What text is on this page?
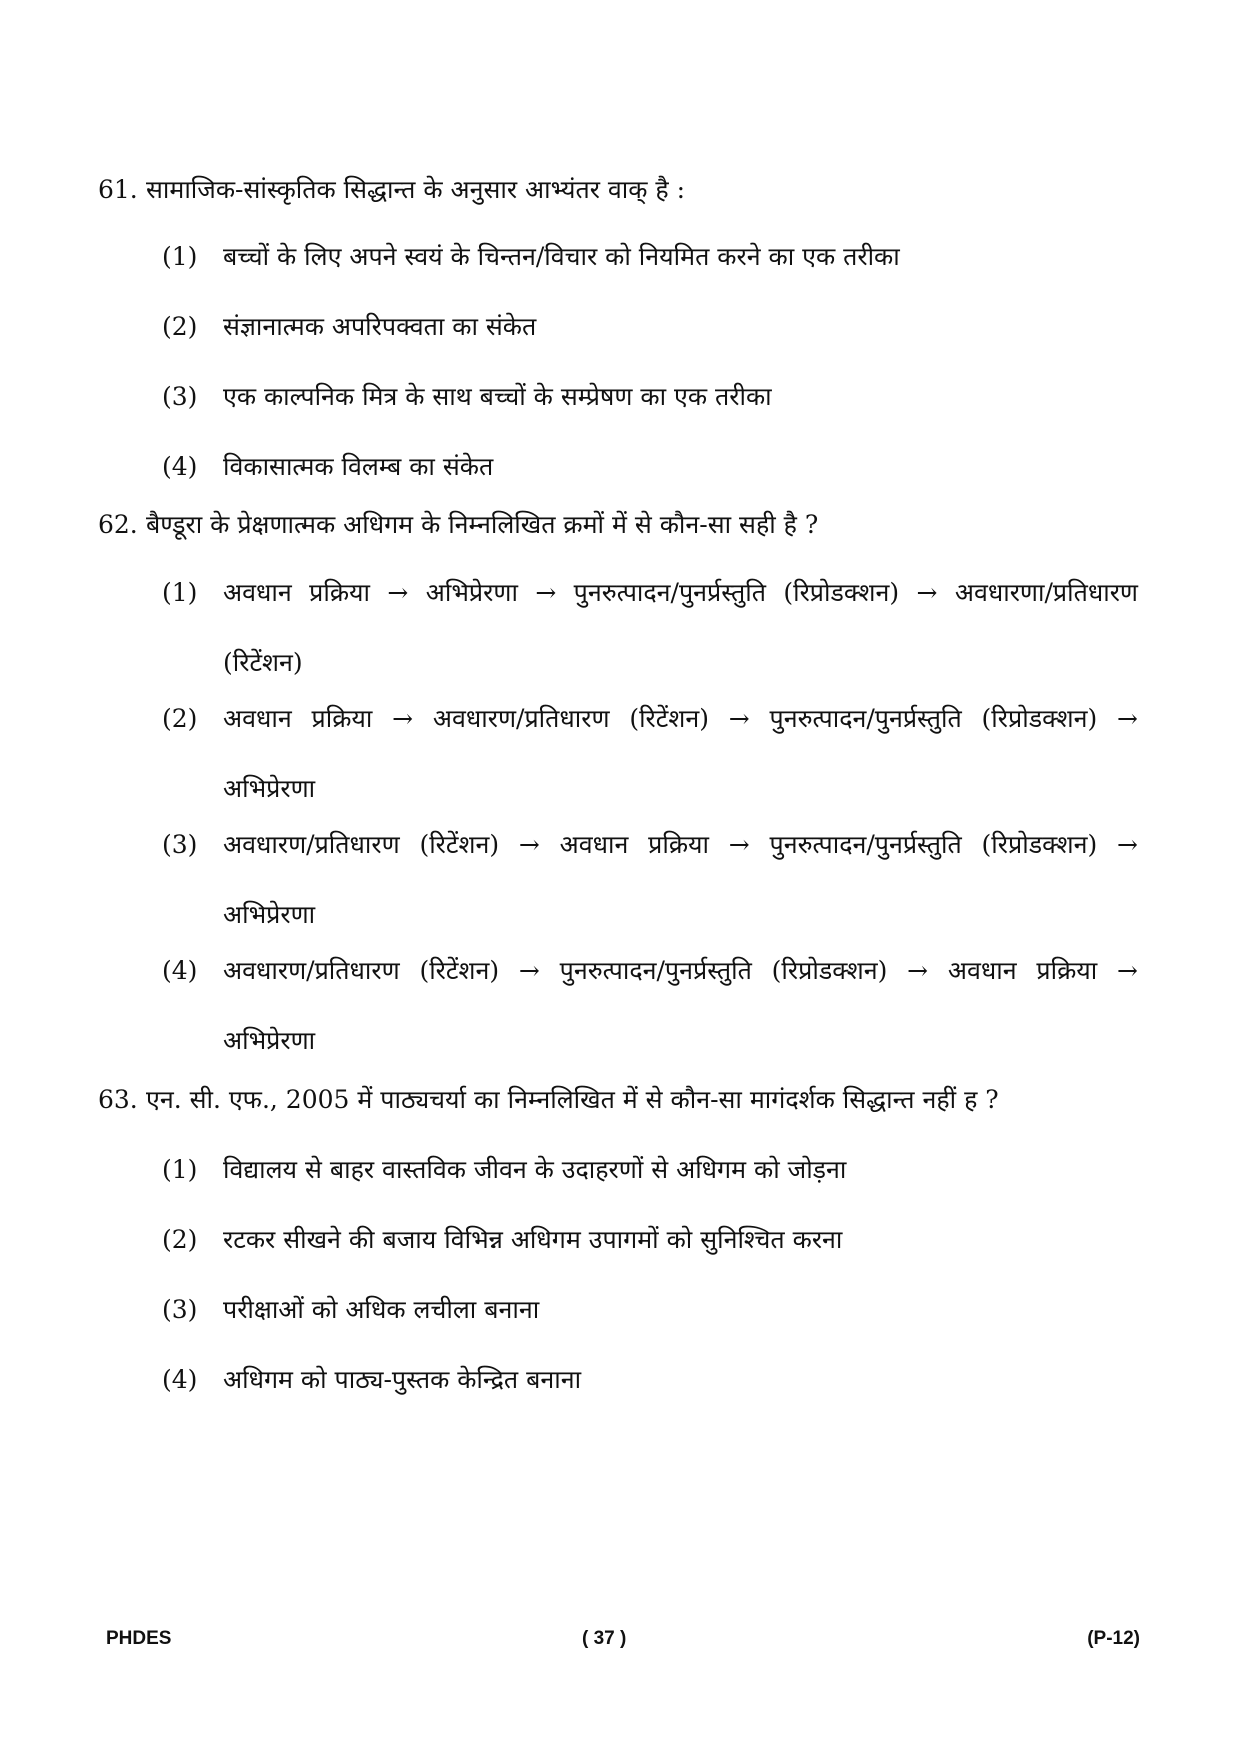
61. सामाजिक-सांस्कृतिक सिद्धान्त के अनुसार आभ्यंतर वाक् है :
(1)	बच्चों के लिए अपने स्वयं के चिन्तन/विचार को नियमित करने का एक तरीका
(2)	संज्ञानात्मक अपरिपक्वता का संकेत
(3)	एक काल्पनिक मित्र के साथ बच्चों के सम्प्रेषण का एक तरीका
(4)	विकासात्मक विलम्ब का संकेत
62. बैण्डूरा के प्रेक्षणात्मक अधिगम के निम्नलिखित क्रमों में से कौन-सा सही है ?
(1)	अवधान प्रक्रिया → अभिप्रेरणा → पुनरुत्पादन/पुनर्प्रस्तुति (रिप्रोडक्शन) → अवधारणा/प्रतिधारण (रिटेंशन)
(2)	अवधान प्रक्रिया → अवधारण/प्रतिधारण (रिटेंशन) → पुनरुत्पादन/पुनर्प्रस्तुति (रिप्रोडक्शन) → अभिप्रेरणा
(3)	अवधारण/प्रतिधारण (रिटेंशन) → अवधान प्रक्रिया → पुनरुत्पादन/पुनर्प्रस्तुति (रिप्रोडक्शन) → अभिप्रेरणा
(4)	अवधारण/प्रतिधारण (रिटेंशन) → पुनरुत्पादन/पुनर्प्रस्तुति (रिप्रोडक्शन) → अवधान प्रक्रिया → अभिप्रेरणा
63. एन. सी. एफ., 2005 में पाठ्यचर्या का निम्नलिखित में से कौन-सा मागंदर्शक सिद्धान्त नहीं ह ?
(1)	विद्यालय से बाहर वास्तविक जीवन के उदाहरणों से अधिगम को जोड़ना
(2)	रटकर सीखने की बजाय विभिन्न अधिगम उपागमों को सुनिश्चित करना
(3)	परीक्षाओं को अधिक लचीला बनाना
(4)	अधिगम को पाठ्य-पुस्तक केन्द्रित बनाना
PHDES	( 37 )	(P-12)
